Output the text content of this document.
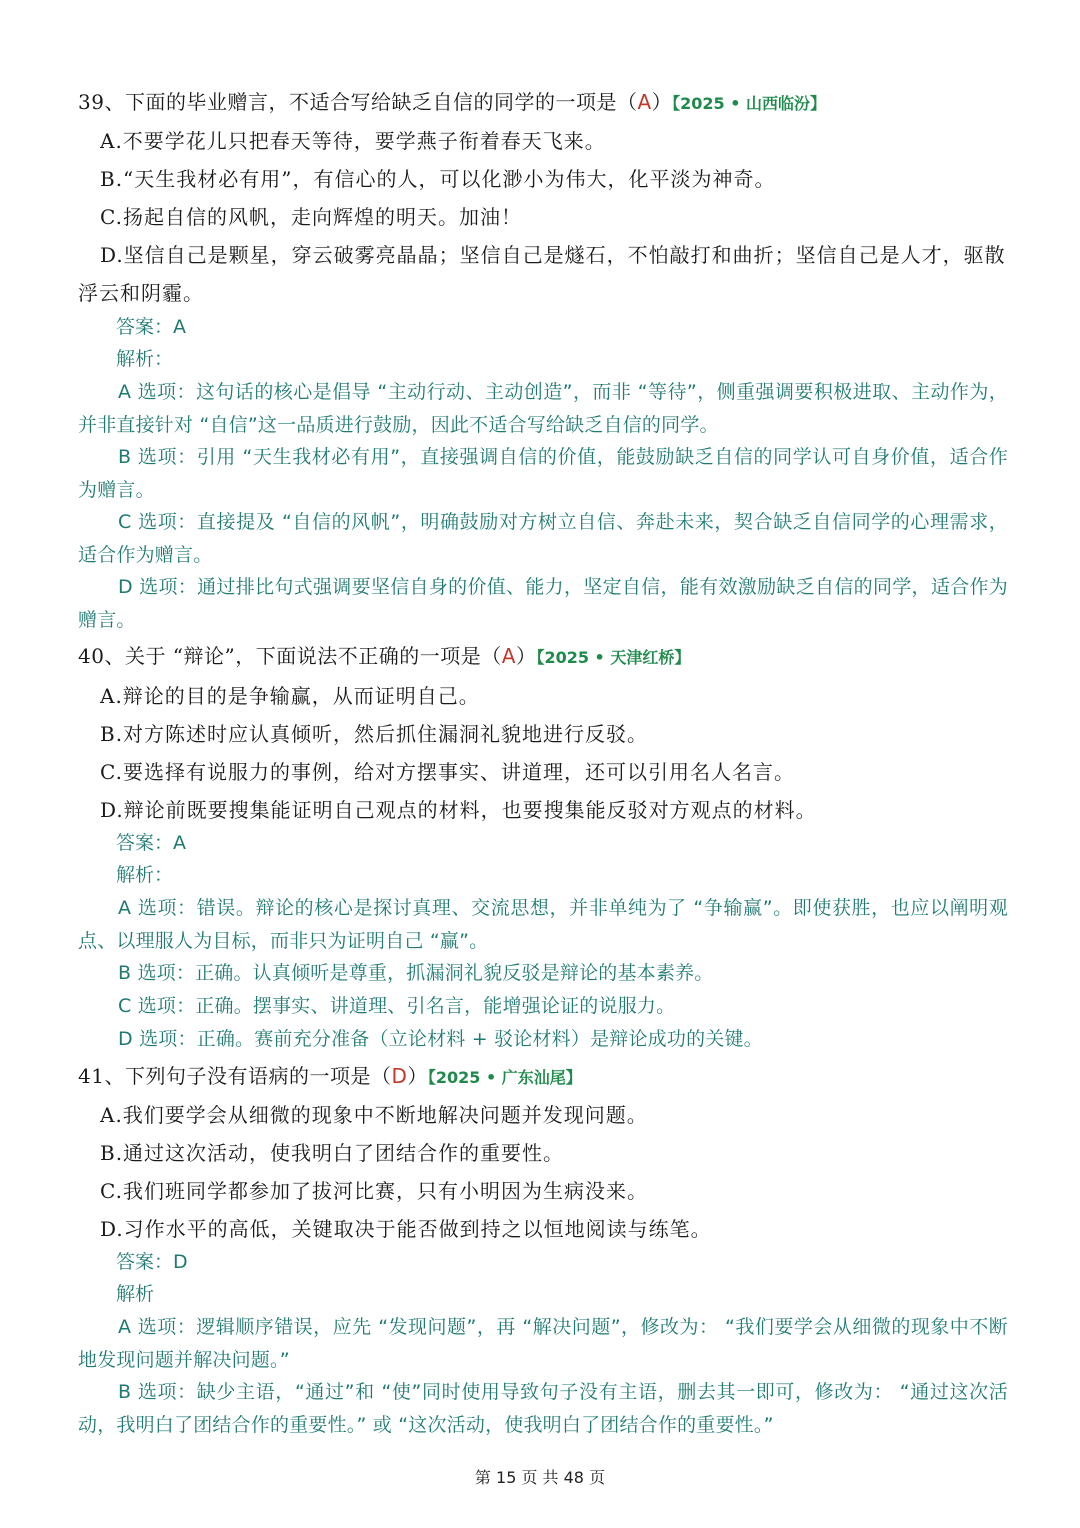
39、下面的毕业赠言，不适合写给缺乏自信的同学的一项是（A）【2025 • 山西临汾】

A.不要学花儿只把春天等待，要学燕子衔着春天飞来。

B.“天生我材必有用”，有信心的人，可以化渺小为伟大，化平淡为神奇。

C.扬起自信的风帆，走向辉煌的明天。加油！

D.坚信自己是颗星，穿云破雾亮晶晶；坚信自己是燧石，不怕敲打和曲折；坚信自己是人才，驱散浮云和阴霾。

答案：A

解析：

A 选项：这句话的核心是倡导 “主动行动、主动创造”，而非 “等待”，侧重强调要积极进取、主动作为，并非直接针对 “自信”这一品质进行鼓励，因此不适合写给缺乏自信的同学。

B 选项：引用 “天生我材必有用”，直接强调自信的价值，能鼓励缺乏自信的同学认可自身价值，适合作为赠言。

C 选项：直接提及 “自信的风帆”，明确鼓励对方树立自信、奔赴未来，契合缺乏自信同学的心理需求，适合作为赠言。

D 选项：通过排比句式强调要坚信自身的价值、能力，坚定自信，能有效激励缺乏自信的同学，适合作为赠言。

40、关于 “辩论”，下面说法不正确的一项是（A）【2025 • 天津红桥】

A.辩论的目的是争输赢，从而证明自己。

B.对方陈述时应认真倾听，然后抓住漏洞礼貌地进行反驳。

C.要选择有说服力的事例，给对方摆事实、讲道理，还可以引用名人名言。

D.辩论前既要搜集能证明自己观点的材料，也要搜集能反驳对方观点的材料。

答案：A

解析：

A 选项：错误。辩论的核心是探讨真理、交流思想，并非单纯为了 “争输赢”。即使获胜，也应以阐明观点、以理服人为目标，而非只为证明自己 “赢”。

B 选项：正确。认真倾听是尊重，抓漏洞礼貌反驳是辩论的基本素养。

C 选项：正确。摆事实、讲道理、引名言，能增强论证的说服力。

D 选项：正确。赛前充分准备（立论材料 + 驳论材料）是辩论成功的关键。

41、下列句子没有语病的一项是（D）【2025 • 广东汕尾】

A.我们要学会从细微的现象中不断地解决问题并发现问题。

B.通过这次活动，使我明白了团结合作的重要性。

C.我们班同学都参加了拔河比赛，只有小明因为生病没来。

D.习作水平的高低，关键取决于能否做到持之以恒地阅读与练笔。

答案：D

解析

A 选项：逻辑顺序错误，应先 “发现问题”，再 “解决问题”，修改为： “我们要学会从细微的现象中不断地发现问题并解决问题。”

B 选项：缺少主语，“通过”和 “使”同时使用导致句子没有主语，删去其一即可，修改为： “通过这次活动，我明白了团结合作的重要性。” 或 “这次活动，使我明白了团结合作的重要性。”

第 15 页 共 48 页
